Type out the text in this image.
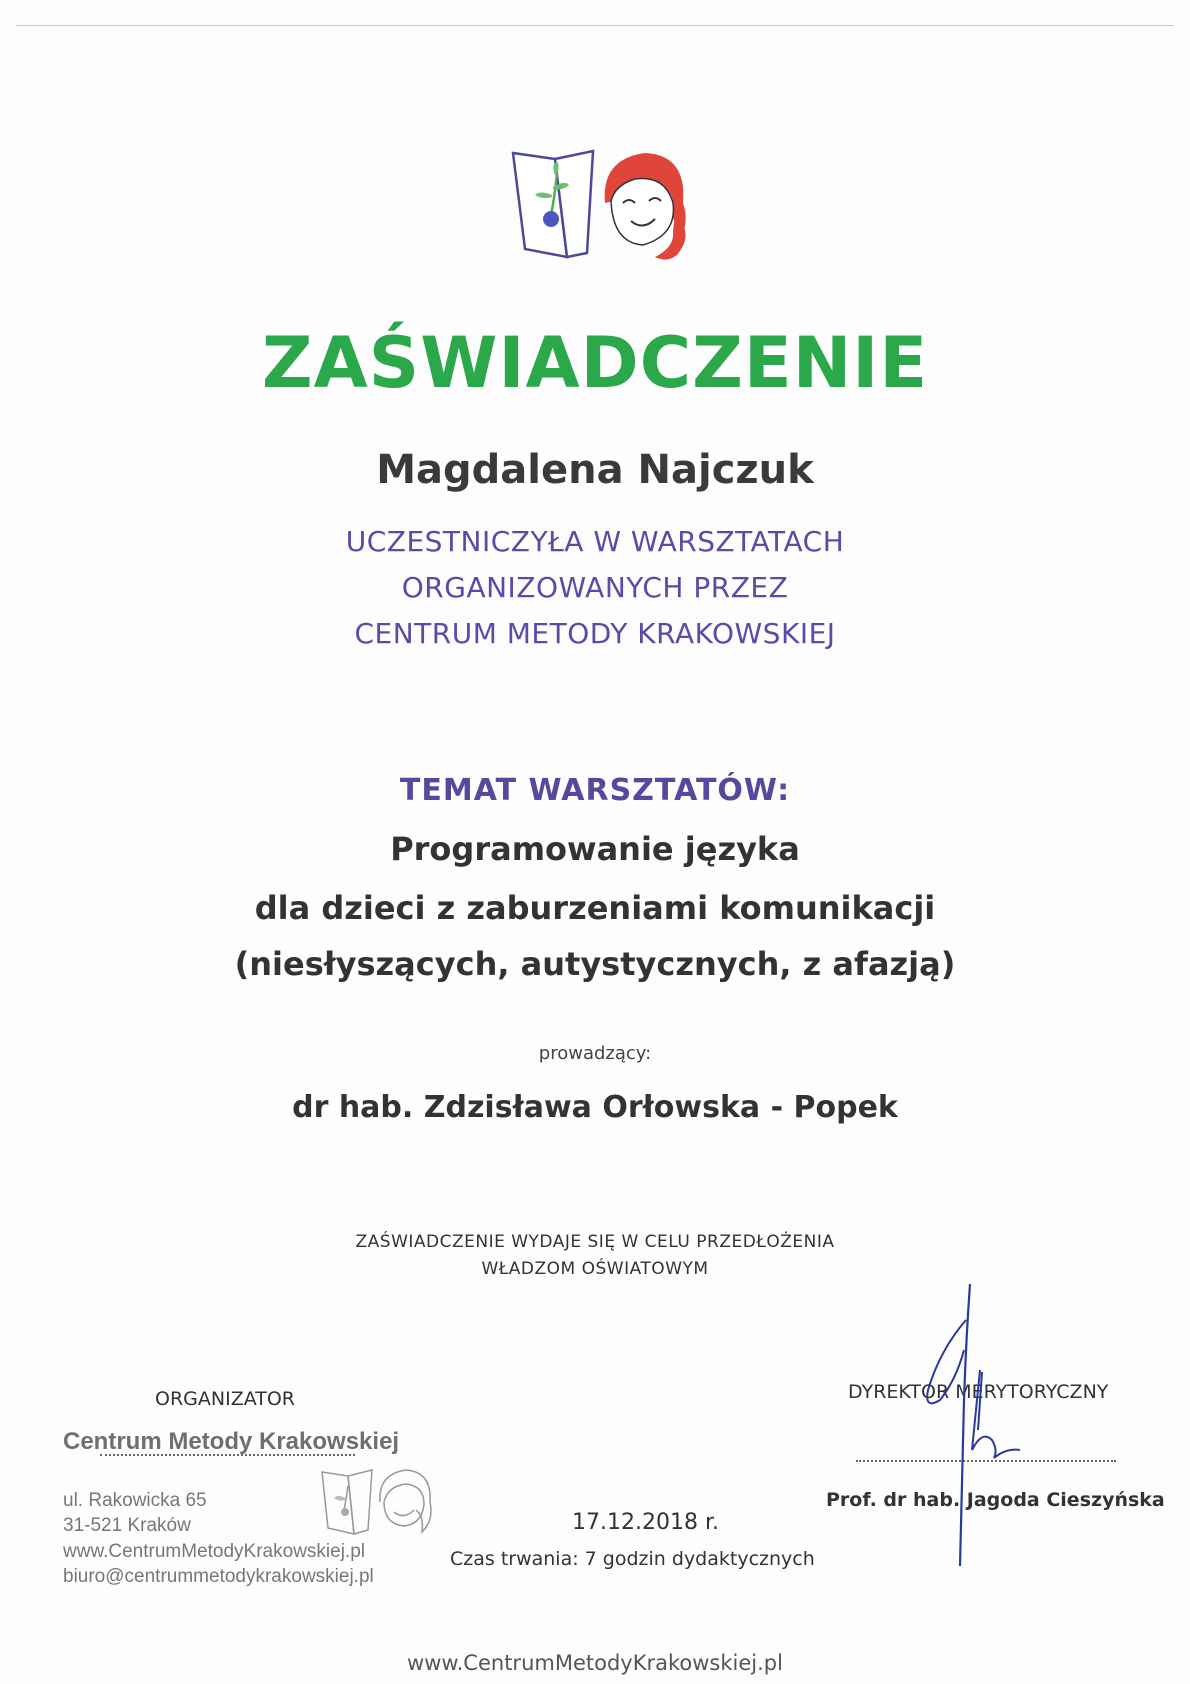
ZAŚWIADCZENIE
Magdalena Najczuk
UCZESTNICZYŁA W WARSZTATACH
ORGANIZOWANYCH PRZEZ
CENTRUM METODY KRAKOWSKIEJ
TEMAT WARSZTATÓW:
Programowanie języka
dla dzieci z zaburzeniami komunikacji
(niesłyszących, autystycznych, z afazją)
prowadzący:
dr hab. Zdzisława Orłowska - Popek
ZAŚWIADCZENIE WYDAJE SIĘ W CELU PRZEDŁOŻENIA
WŁADZOM OŚWIATOWYM
ORGANIZATOR
Centrum Metody Krakowskiej
ul. Rakowicka 65
31-521 Kraków
www.CentrumMetodyKrakowskiej.pl
biuro@centrummetodykrakowskiej.pl
17.12.2018 r.
Czas trwania: 7 godzin dydaktycznych
DYREKTOR MERYTORYCZNY
Prof. dr hab. Jagoda Cieszyńska
www.CentrumMetodyKrakowskiej.pl
